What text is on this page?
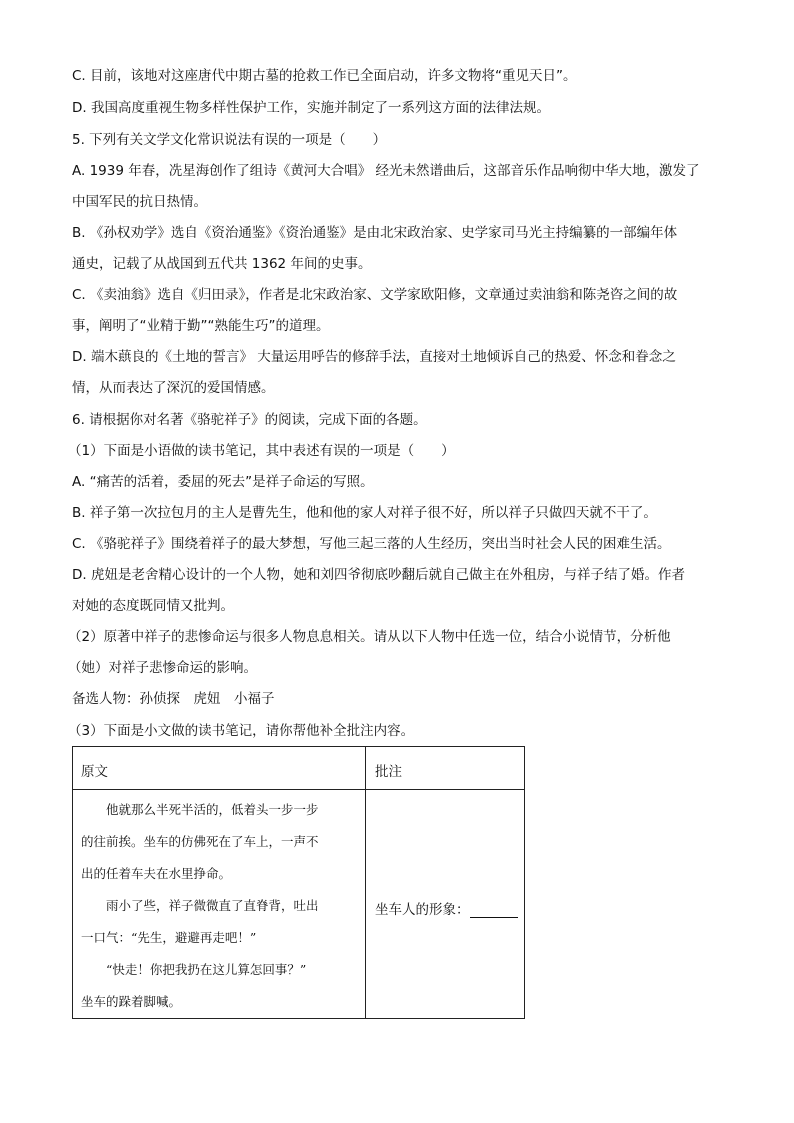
C. 目前，该地对这座唐代中期古墓的抢救工作已全面启动，许多文物将“重见天日”。
D. 我国高度重视生物多样性保护工作，实施并制定了一系列这方面的法律法规。
5. 下列有关文学文化常识说法有误的一项是（　　）
A. 1939 年春，冼星海创作了组诗《黄河大合唱》 经光未然谱曲后，这部音乐作品响彻中华大地，激发了
中国军民的抗日热情。
B. 《孙权劝学》选自《资治通鉴》《资治通鉴》是由北宋政治家、史学家司马光主持编纂的一部编年体
通史，记载了从战国到五代共 1362 年间的史事。
C. 《卖油翁》选自《归田录》，作者是北宋政治家、文学家欧阳修，文章通过卖油翁和陈尧咨之间的故
事，阐明了“业精于勤”“熟能生巧”的道理。
D. 端木蕻良的《土地的誓言》 大量运用呼告的修辞手法，直接对土地倾诉自己的热爱、怀念和眷念之
情，从而表达了深沉的爱国情感。
6. 请根据你对名著《骆驼祥子》的阅读，完成下面的各题。
（1）下面是小语做的读书笔记，其中表述有误的一项是（　　）
A. “痛苦的活着，委屈的死去”是祥子命运的写照。
B. 祥子第一次拉包月的主人是曹先生，他和他的家人对祥子很不好，所以祥子只做四天就不干了。
C. 《骆驼祥子》围绕着祥子的最大梦想，写他三起三落的人生经历，突出当时社会人民的困难生活。
D. 虎妞是老舍精心设计的一个人物，她和刘四爷彻底吵翻后就自己做主在外租房，与祥子结了婚。作者
对她的态度既同情又批判。
（2）原著中祥子的悲惨命运与很多人物息息相关。请从以下人物中任选一位，结合小说情节，分析他
（她）对祥子悲惨命运的影响。
备选人物：孙侦探　虎妞　小福子
（3）下面是小文做的读书笔记，请你帮他补全批注内容。
原文	批注
　　他就那么半死半活的，低着头一步一步
的往前挨。坐车的仿佛死在了车上，一声不
出的任着车夫在水里挣命。
　　雨小了些，祥子微微直了直脊背，吐出
一口气：“先生，避避再走吧！”
　　“快走！你把我扔在这儿算怎回事？”
坐车的跺着脚喊。
坐车人的形象：
